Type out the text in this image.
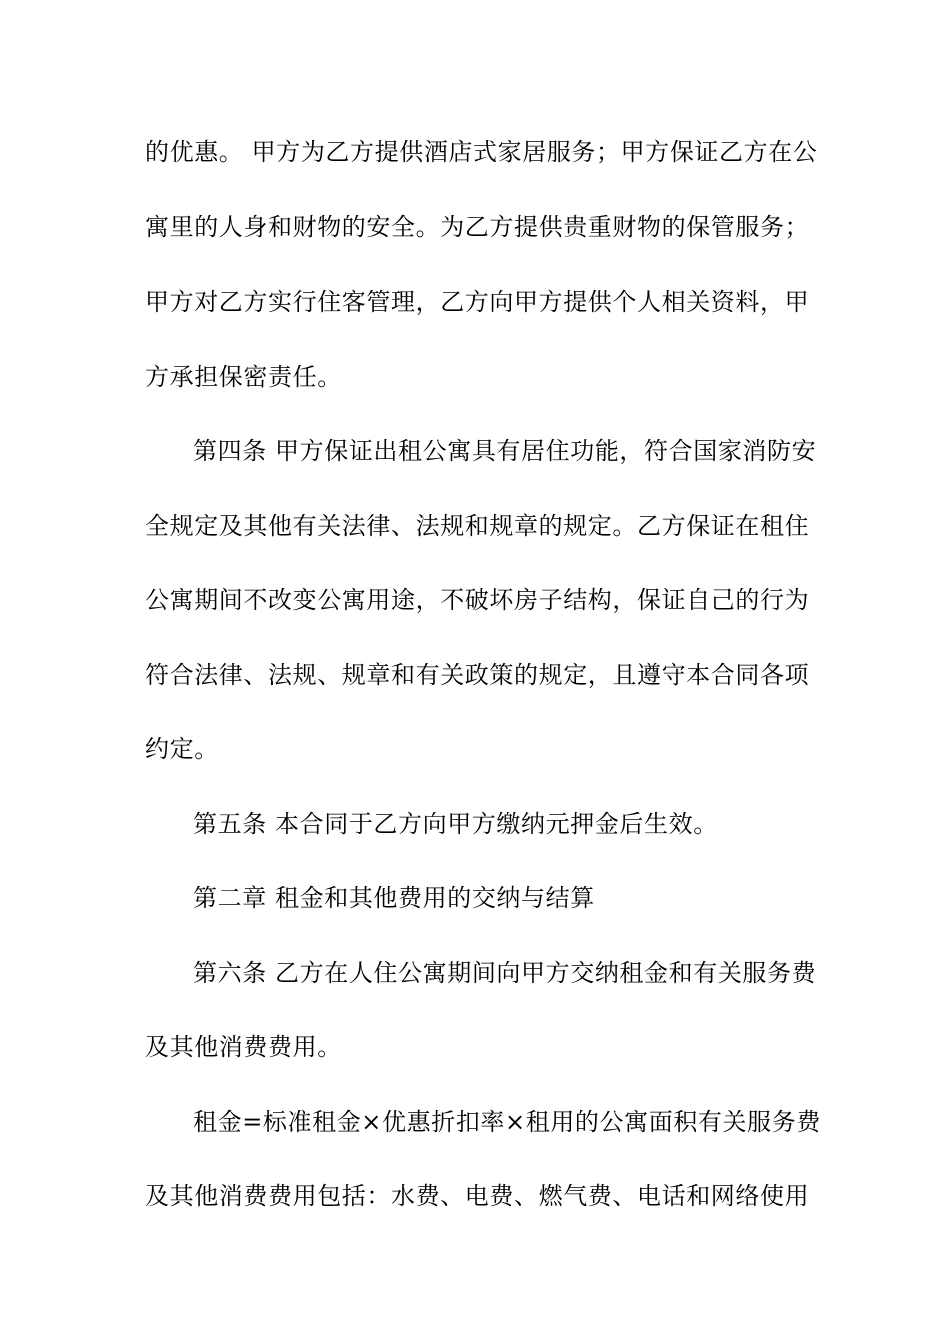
的优惠。 甲方为乙方提供酒店式家居服务；甲方保证乙方在公
寓里的人身和财物的安全。为乙方提供贵重财物的保管服务；
甲方对乙方实行住客管理，乙方向甲方提供个人相关资料，甲
方承担保密责任。
第四条 甲方保证出租公寓具有居住功能，符合国家消防安
全规定及其他有关法律、法规和规章的规定。乙方保证在租住
公寓期间不改变公寓用途，不破坏房子结构，保证自己的行为
符合法律、法规、规章和有关政策的规定，且遵守本合同各项
约定。
第五条 本合同于乙方向甲方缴纳元押金后生效。
第二章 租金和其他费用的交纳与结算
第六条 乙方在人住公寓期间向甲方交纳租金和有关服务费
及其他消费费用。
租金=标准租金×优惠折扣率×租用的公寓面积有关服务费
及其他消费费用包括：水费、电费、燃气费、电话和网络使用
